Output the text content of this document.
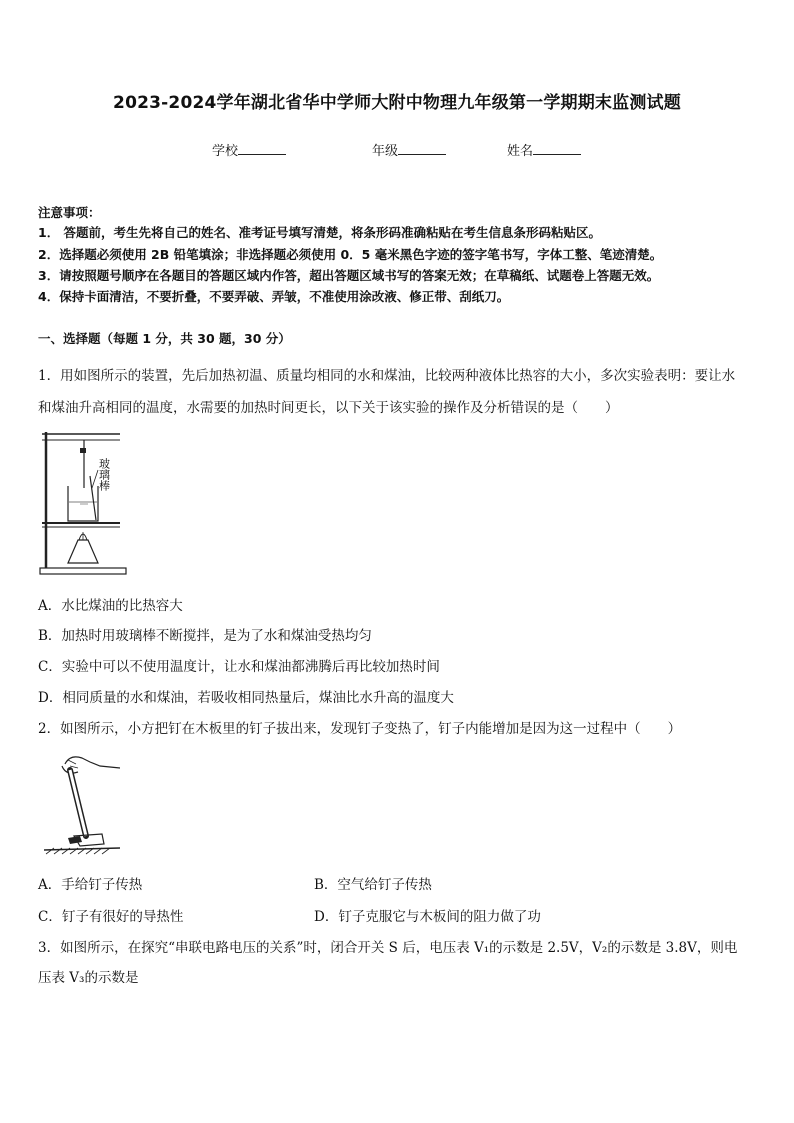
2023-2024学年湖北省华中学师大附中物理九年级第一学期期末监测试题
学校	年级	姓名
注意事项：
1． 答题前，考生先将自己的姓名、准考证号填写清楚，将条形码准确粘贴在考生信息条形码粘贴区。
2．选择题必须使用 2B 铅笔填涂；非选择题必须使用 0．5 毫米黑色字迹的签字笔书写，字体工整、笔迹清楚。
3．请按照题号顺序在各题目的答题区域内作答，超出答题区域书写的答案无效；在草稿纸、试题卷上答题无效。
4．保持卡面清洁，不要折叠，不要弄破、弄皱，不准使用涂改液、修正带、刮纸刀。
一、选择题（每题 1 分，共 30 题，30 分）
1．用如图所示的装置，先后加热初温、质量均相同的水和煤油，比较两种液体比热容的大小，多次实验表明：要让水
和煤油升高相同的温度，水需要的加热时间更长，以下关于该实验的操作及分析错误的是（　　）
玻璃棒
A．水比煤油的比热容大
B．加热时用玻璃棒不断搅拌，是为了水和煤油受热均匀
C．实验中可以不使用温度计，让水和煤油都沸腾后再比较加热时间
D．相同质量的水和煤油，若吸收相同热量后，煤油比水升高的温度大
2．如图所示，小方把钉在木板里的钉子拔出来，发现钉子变热了，钉子内能增加是因为这一过程中（　　）
A．手给钉子传热	B．空气给钉子传热
C．钉子有很好的导热性	D．钉子克服它与木板间的阻力做了功
3．如图所示，在探究“串联电路电压的关系”时，闭合开关 S 后，电压表 V₁的示数是 2.5V，V₂的示数是 3.8V，则电
压表 V₃的示数是
